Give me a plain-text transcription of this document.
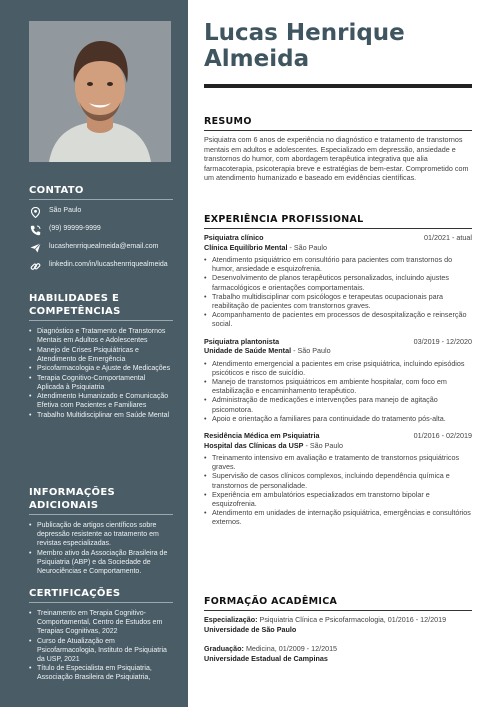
CONTATO
São Paulo
(99) 99999-9999
lucashenrriquealmeida@email.com
linkedin.com/in/lucashenrriquealmeida
HABILIDADES E COMPETÊNCIAS
• Diagnóstico e Tratamento de Transtornos Mentais em Adultos e Adolescentes
• Manejo de Crises Psiquiátricas e Atendimento de Emergência
• Psicofarmacologia e Ajuste de Medicações
• Terapia Cognitivo-Comportamental Aplicada à Psiquiatria
• Atendimento Humanizado e Comunicação Efetiva com Pacientes e Familiares
• Trabalho Multidisciplinar em Saúde Mental
INFORMAÇÕES ADICIONAIS
• Publicação de artigos científicos sobre depressão resistente ao tratamento em revistas especializadas.
• Membro ativo da Associação Brasileira de Psiquiatria (ABP) e da Sociedade de Neurociências e Comportamento.
CERTIFICAÇÕES
• Treinamento em Terapia Cognitivo-Comportamental, Centro de Estudos em Terapias Cognitivas, 2022
• Curso de Atualização em Psicofarmacologia, Instituto de Psiquiatria da USP, 2021
• Título de Especialista em Psiquiatria, Associação Brasileira de Psiquiatria,
Lucas Henrique
Almeida
RESUMO
Psiquiatra com 6 anos de experiência no diagnóstico e tratamento de transtornos mentais em adultos e adolescentes. Especializado em depressão, ansiedade e transtornos do humor, com abordagem terapêutica integrativa que alia farmacoterapia, psicoterapia breve e estratégias de bem-estar. Comprometido com um atendimento humanizado e baseado em evidências científicas.
EXPERIÊNCIA PROFISSIONAL
Psiquiatra clínico	01/2021 - atual
Clínica Equilíbrio Mental - São Paulo
• Atendimento psiquiátrico em consultório para pacientes com transtornos do humor, ansiedade e esquizofrenia.
• Desenvolvimento de planos terapêuticos personalizados, incluindo ajustes farmacológicos e orientações comportamentais.
• Trabalho multidisciplinar com psicólogos e terapeutas ocupacionais para reabilitação de pacientes com transtornos graves.
• Acompanhamento de pacientes em processos de desospitalização e reinserção social.
Psiquiatra plantonista	03/2019 - 12/2020
Unidade de Saúde Mental - São Paulo
• Atendimento emergencial a pacientes em crise psiquiátrica, incluindo episódios psicóticos e risco de suicídio.
• Manejo de transtornos psiquiátricos em ambiente hospitalar, com foco em estabilização e encaminhamento terapêutico.
• Administração de medicações e intervenções para manejo de agitação psicomotora.
• Apoio e orientação a familiares para continuidade do tratamento pós-alta.
Residência Médica em Psiquiatria	01/2016 - 02/2019
Hospital das Clínicas da USP - São Paulo
• Treinamento intensivo em avaliação e tratamento de transtornos psiquiátricos graves.
• Supervisão de casos clínicos complexos, incluindo dependência química e transtornos de personalidade.
• Experiência em ambulatórios especializados em transtorno bipolar e esquizofrenia.
• Atendimento em unidades de internação psiquiátrica, emergências e consultórios externos.
FORMAÇÃO ACADÊMICA
Especialização: Psiquiatria Clínica e Psicofarmacologia, 01/2016 - 12/2019
Universidade de São Paulo
Graduação: Medicina, 01/2009 - 12/2015
Universidade Estadual de Campinas
